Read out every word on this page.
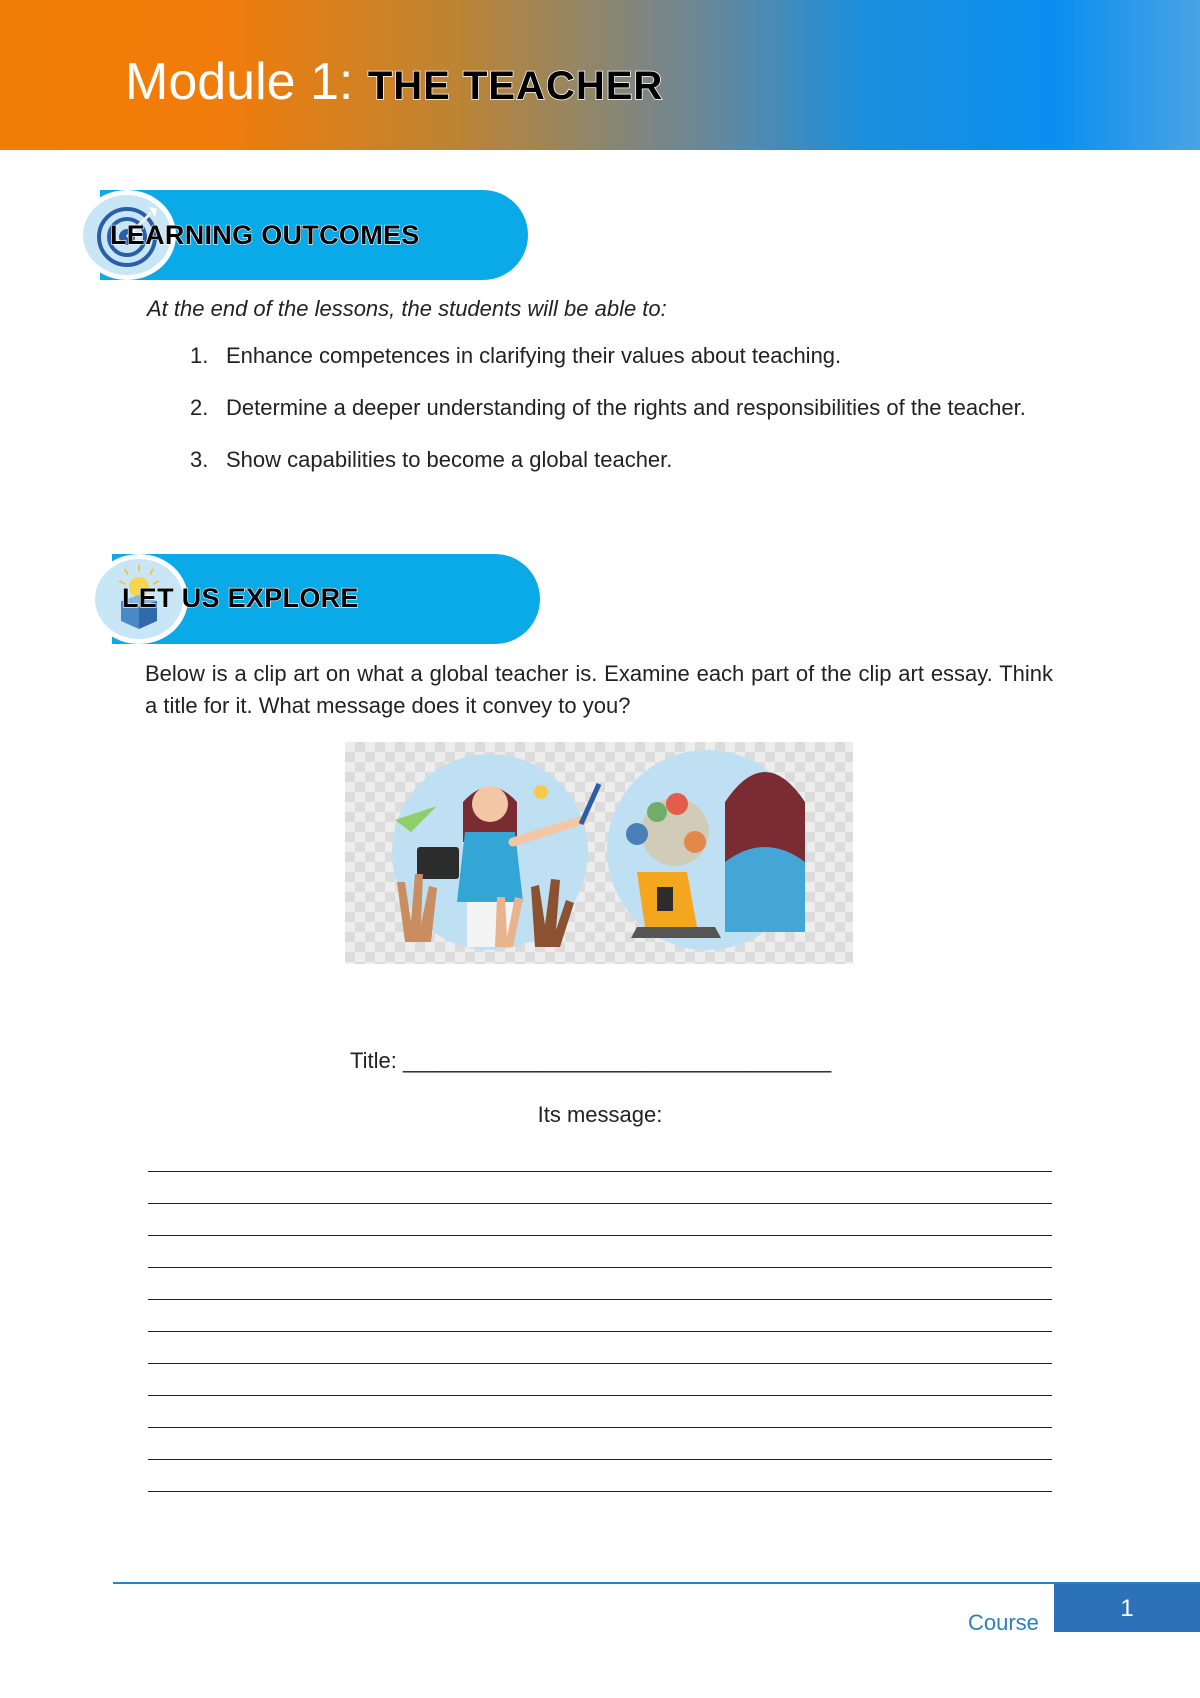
Module 1: THE TEACHER
LEARNING OUTCOMES
At the end of the lessons, the students will be able to:
1. Enhance competences in clarifying their values about teaching.
2. Determine a deeper understanding of the rights and responsibilities of the teacher.
3. Show capabilities to become a global teacher.
LET US EXPLORE
Below is a clip art on what a global teacher is. Examine each part of the clip art essay. Think a title for it. What message does it convey to you?
Title: ___________________________________
Its message:
Course
1
